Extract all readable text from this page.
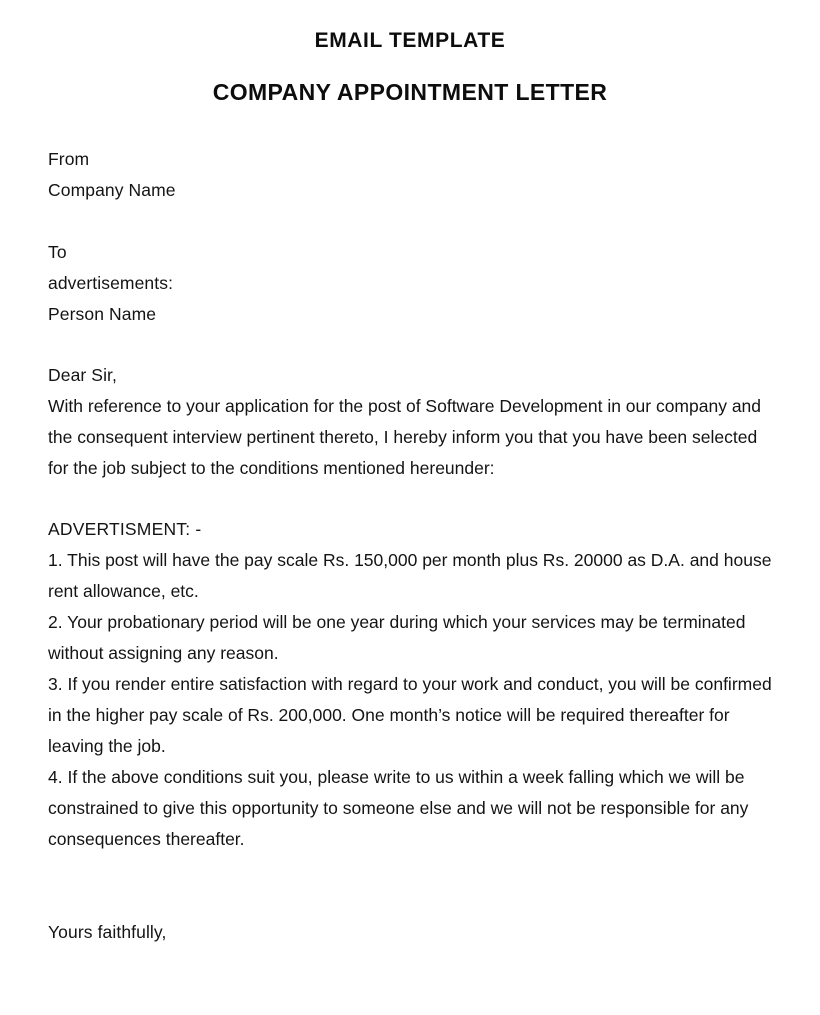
EMAIL TEMPLATE
COMPANY APPOINTMENT LETTER
From
Company Name
To
advertisements:
Person Name
Dear Sir,

With reference to your application for the post of Software Development in our company and the consequent interview pertinent thereto, I hereby inform you that you have been selected for the job subject to the conditions mentioned hereunder:

ADVERTISMENT: -

1. This post will have the pay scale Rs. 150,000 per month plus Rs. 20000 as D.A. and house rent allowance, etc.

2. Your probationary period will be one year during which your services may be terminated without assigning any reason.

3. If you render entire satisfaction with regard to your work and conduct, you will be confirmed in the higher pay scale of Rs. 200,000. One month’s notice will be required thereafter for leaving the job.

4. If the above conditions suit you, please write to us within a week falling which we will be constrained to give this opportunity to someone else and we will not be responsible for any consequences thereafter.

Yours faithfully,
